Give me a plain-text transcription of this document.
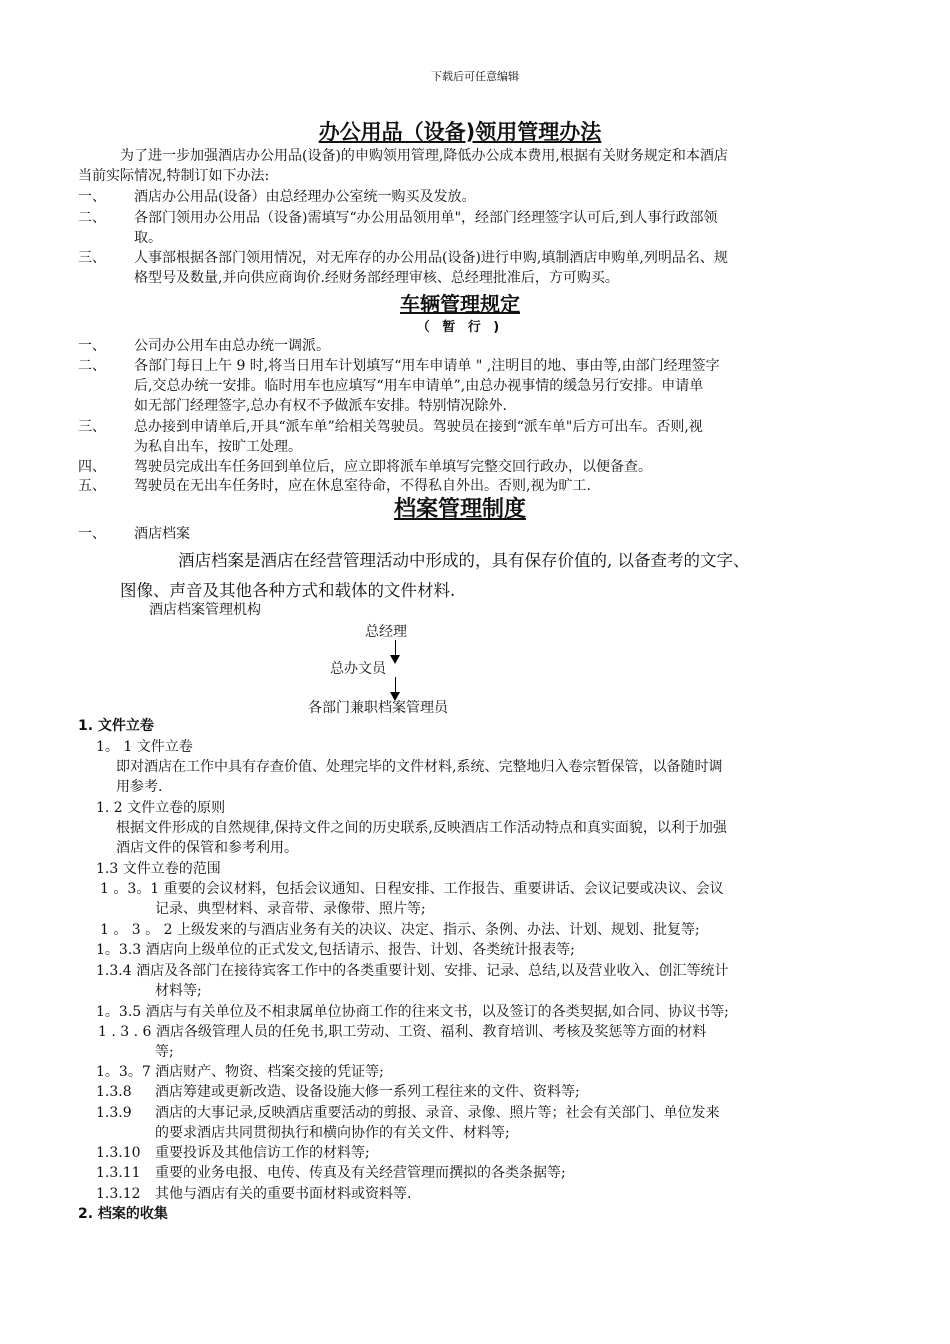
下载后可任意编辑
办公用品（设备)领用管理办法
为了进一步加强酒店办公用品(设备)的申购领用管理,降低办公成本费用,根据有关财务规定和本酒店
当前实际情况,特制订如下办法:
一、 酒店办公用品(设备）由总经理办公室统一购买及发放。
二、 各部门领用办公用品（设备)需填写“办公用品领用单"，经部门经理签字认可后,到人事行政部领
取。
三、 人事部根据各部门领用情况，对无库存的办公用品(设备)进行申购,填制酒店申购单,列明品名、规
格型号及数量,并向供应商询价.经财务部经理审核、总经理批准后，方可购买。
车辆管理规定
（ 暂 行 )
一、 公司办公用车由总办统一调派。
二、 各部门每日上午 9 时,将当日用车计划填写“用车申请单 " ,注明目的地、事由等,由部门经理签字
后,交总办统一安排。临时用车也应填写“用车申请单”,由总办视事情的缓急另行安排。申请单
如无部门经理签字,总办有权不予做派车安排。特别情况除外.
三、 总办接到申请单后,开具“派车单”给相关驾驶员。驾驶员在接到“派车单"后方可出车。否则,视
为私自出车，按旷工处理。
四、 驾驶员完成出车任务回到单位后，应立即将派车单填写完整交回行政办，以便备查。
五、 驾驶员在无出车任务时，应在休息室待命，不得私自外出。否则,视为旷工.
档案管理制度
一、 酒店档案
酒店档案是酒店在经营管理活动中形成的，具有保存价值的, 以备查考的文字、
图像、声音及其他各种方式和载体的文件材料.
酒店档案管理机构
总经理
总办文员
各部门兼职档案管理员
1. 文件立卷
1。 1 文件立卷
即对酒店在工作中具有存查价值、处理完毕的文件材料,系统、完整地归入卷宗暂保管，以备随时调
用参考.
1. 2 文件立卷的原则
根据文件形成的自然规律,保持文件之间的历史联系,反映酒店工作活动特点和真实面貌，以利于加强
酒店文件的保管和参考利用。
1.3 文件立卷的范围
1 。3。1 重要的会议材料，包括会议通知、日程安排、工作报告、重要讲话、会议记要或决议、会议
记录、典型材料、录音带、录像带、照片等;
1 。 3 。 2 上级发来的与酒店业务有关的决议、决定、指示、条例、办法、计划、规划、批复等;
1。3.3 酒店向上级单位的正式发文,包括请示、报告、计划、各类统计报表等;
1.3.4 酒店及各部门在接待宾客工作中的各类重要计划、安排、记录、总结,以及营业收入、创汇等统计
材料等;
1。3.5 酒店与有关单位及不相隶属单位协商工作的往来文书，以及签订的各类契据,如合同、协议书等;
1 . 3 . 6 酒店各级管理人员的任免书,职工劳动、工资、福利、教育培训、考核及奖惩等方面的材料
等;
1。3。7 酒店财产、物资、档案交接的凭证等;
1.3.8 酒店筹建或更新改造、设备设施大修一系列工程往来的文件、资料等;
1.3.9 酒店的大事记录,反映酒店重要活动的剪报、录音、录像、照片等；社会有关部门、单位发来
的要求酒店共同贯彻执行和横向协作的有关文件、材料等;
1.3.10 重要投诉及其他信访工作的材料等;
1.3.11 重要的业务电报、电传、传真及有关经营管理而撰拟的各类条据等;
1.3.12 其他与酒店有关的重要书面材料或资料等.
2. 档案的收集
